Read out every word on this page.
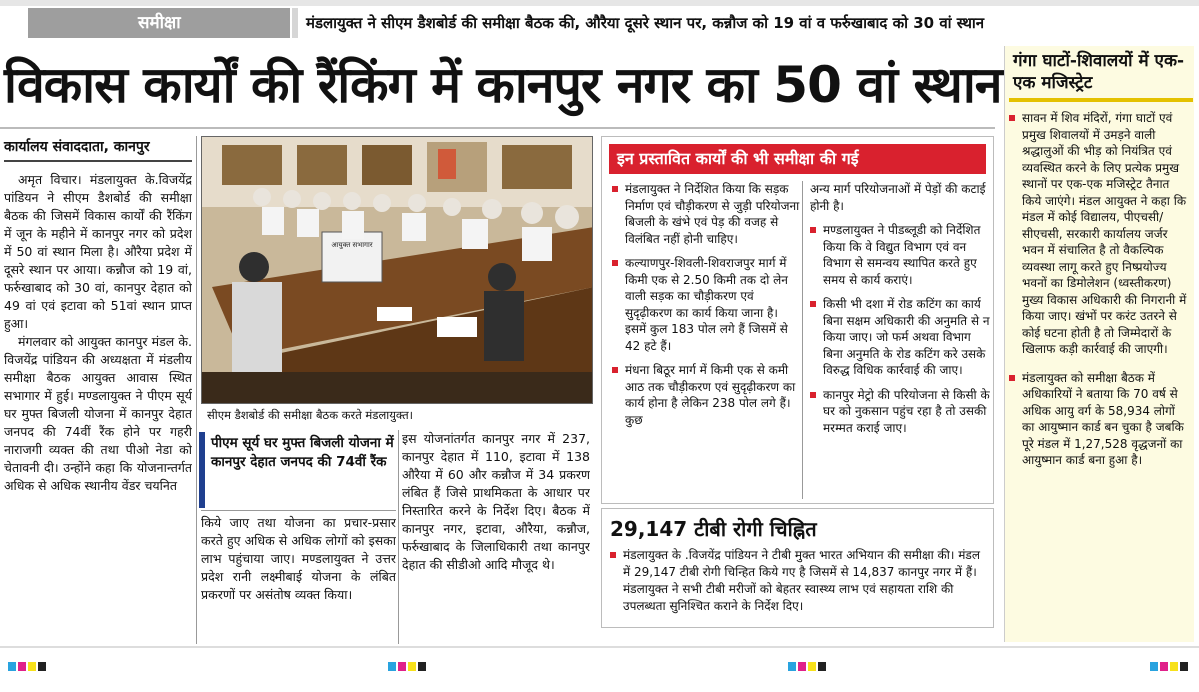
समीक्षा	मंडलायुक्त ने सीएम डैशबोर्ड की समीक्षा बैठक की, औरैया दूसरे स्थान पर, कन्नौज को 19 वां व फर्रुखाबाद को 30 वां स्थान
विकास कार्यों की रैंकिंग में कानपुर नगर का 50 वां स्थान
कार्यालय संवाददाता, कानपुर

अमृत विचार। मंडलायुक्त के.विजयेंद्र पांडियन ने सीएम डैशबोर्ड की समीक्षा बैठक की जिसमें विकास कार्यों की रैंकिंग में जून के महीने में कानपुर नगर को प्रदेश में 50 वां स्थान मिला है। औरैया प्रदेश में दूसरे स्थान पर आया। कन्नौज को 19 वां, फर्रुखाबाद को 30 वां, कानपुर देहात को 49 वां एवं इटावा को 51वां स्थान प्राप्त हुआ।

मंगलवार को आयुक्त कानपुर मंडल के. विजयेंद्र पांडियन की अध्यक्षता में मंडलीय समीक्षा बैठक आयुक्त आवास स्थित सभागार में हुई। मण्डलायुक्त ने पीएम सूर्य घर मुफ्त बिजली योजना में कानपुर देहात जनपद की 74वीं रैंक होने पर गहरी नाराजगी व्यक्त की तथा पीओ नेडा को चेतावनी दी। उन्होंने कहा कि योजनान्तर्गत अधिक से अधिक स्थानीय वेंडर चयनित

आयुक्त सभागार
सीएम डैशबोर्ड की समीक्षा बैठक करते मंडलायुक्त।
पीएम सूर्य घर मुफ्त बिजली योजना में कानपुर देहात जनपद की 74वीं रैंक
किये जाए तथा योजना का प्रचार-प्रसार करते हुए अधिक से अधिक लोगों को इसका लाभ पहुंचाया जाए। मण्डलायुक्त ने उत्तर प्रदेश रानी लक्ष्मीबाई योजना के लंबित प्रकरणों पर असंतोष व्यक्त किया।
इस योजनांतर्गत कानपुर नगर में 237, कानपुर देहात में 110, इटावा में 138 औरैया में 60 और कन्नौज में 34 प्रकरण लंबित हैं जिसे प्राथमिकता के आधार पर निस्तारित करने के निर्देश दिए। बैठक में कानपुर नगर, इटावा, औरैया, कन्नौज, फर्रुखाबाद के जिलाधिकारी तथा कानपुर देहात की सीडीओ आदि मौजूद थे।
इन प्रस्तावित कार्यों की भी समीक्षा की गई
मंडलायुक्त ने निर्देशित किया कि सड़क निर्माण एवं चौड़ीकरण से जुड़ी परियोजना बिजली के खंभे एवं पेड़ की वजह से विलंबित नहीं होनी चाहिए।
कल्याणपुर-शिवली-शिवराजपुर मार्ग में किमी एक से 2.50 किमी तक दो लेन वाली सड़क का चौड़ीकरण एवं सुदृढ़ीकरण का कार्य किया जाना है। इसमें कुल 183 पोल लगे हैं जिसमें से 42 हटे हैं।
मंधना बिठूर मार्ग में किमी एक से कमी आठ तक चौड़ीकरण एवं सुदृढ़ीकरण का कार्य होना है लेकिन 238 पोल लगे हैं। कुछ
अन्य मार्ग परियोजनाओं में पेड़ों की कटाई होनी है।
मण्डलायुक्त ने पीडब्लूडी को निर्देशित किया कि वे विद्युत विभाग एवं वन विभाग से समन्वय स्थापित करते हुए समय से कार्य कराएं।
किसी भी दशा में रोड कटिंग का कार्य बिना सक्षम अधिकारी की अनुमति से न किया जाए। जो फर्म अथवा विभाग बिना अनुमति के रोड कटिंग करे उसके विरुद्ध विधिक कार्रवाई की जाए।
कानपुर मेट्रो की परियोजना से किसी के घर को नुकसान पहुंच रहा है तो उसकी मरम्मत कराई जाए।
29,147 टीबी रोगी चिह्नित
मंडलायुक्त के .विजयेंद्र पांडियन ने टीबी मुक्त भारत अभियान की समीक्षा की। मंडल में 29,147 टीबी रोगी चिन्हित किये गए है जिसमें से 14,837 कानपुर नगर में हैं। मंडलायुक्त ने सभी टीबी मरीजों को बेहतर स्वास्थ्य लाभ एवं सहायता राशि की उपलब्धता सुनिश्चित कराने के निर्देश दिए।
गंगा घाटों-शिवालयों में एक-एक मजिस्ट्रेट
सावन में शिव मंदिरों, गंगा घाटों एवं प्रमुख शिवालयों में उमड़ने वाली श्रद्धालुओं की भीड़ को नियंत्रित एवं व्यवस्थित करने के लिए प्रत्येक प्रमुख स्थानों पर एक-एक मजिस्ट्रेट तैनात किये जाएंगे। मंडल आयुक्त ने कहा कि मंडल में कोई विद्यालय, पीएचसी/सीएचसी, सरकारी कार्यालय जर्जर भवन में संचालित है तो वैकल्पिक व्यवस्था लागू करते हुए निष्प्रयोज्य भवनों का डिमोलेशन (ध्वस्तीकरण) मुख्य विकास अधिकारी की निगरानी में किया जाए। खंभों पर करंट उतरने से कोई घटना होती है तो जिम्मेदारों के खिलाफ कड़ी कार्रवाई की जाएगी।
मंडलायुक्त को समीक्षा बैठक में अधिकारियों ने बताया कि 70 वर्ष से अधिक आयु वर्ग के 58,934 लोगों का आयुष्मान कार्ड बन चुका है जबकि पूरे मंडल में 1,27,528 वृद्धजनों का आयुष्मान कार्ड बना हुआ है।
